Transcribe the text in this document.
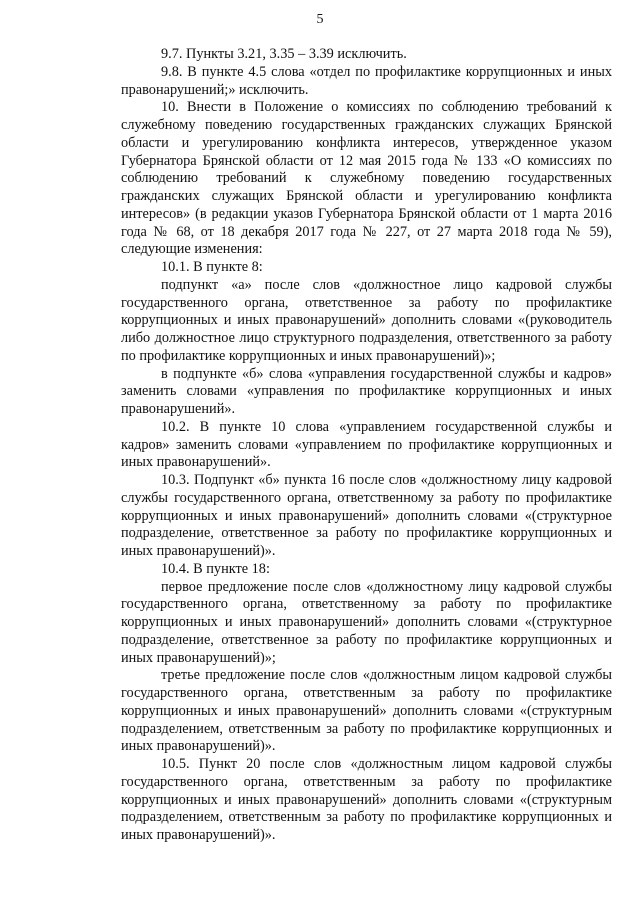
5

9.7. Пункты 3.21, 3.35 – 3.39 исключить.

9.8. В пункте 4.5 слова «отдел по профилактике коррупционных и иных правонарушений;» исключить.

10. Внести в Положение о комиссиях по соблюдению требований к служебному поведению государственных гражданских служащих Брянской области и урегулированию конфликта интересов, утвержденное указом Губернатора Брянской области от 12 мая 2015 года № 133 «О комиссиях по соблюдению требований к служебному поведению государственных гражданских служащих Брянской области и урегулированию конфликта интересов» (в редакции указов Губернатора Брянской области от 1 марта 2016 года № 68, от 18 декабря 2017 года № 227, от 27 марта 2018 года № 59), следующие изменения:

10.1. В пункте 8:

подпункт «а» после слов «должностное лицо кадровой службы государственного органа, ответственное за работу по профилактике коррупционных и иных правонарушений» дополнить словами «(руководитель либо должностное лицо структурного подразделения, ответственного за работу по профилактике коррупционных и иных правонарушений)»;

в подпункте «б» слова «управления государственной службы и кадров» заменить словами «управления по профилактике коррупционных и иных правонарушений».

10.2. В пункте 10 слова «управлением государственной службы и кадров» заменить словами «управлением по профилактике коррупционных и иных правонарушений».

10.3. Подпункт «б» пункта 16 после слов «должностному лицу кадровой службы государственного органа, ответственному за работу по профилактике коррупционных и иных правонарушений» дополнить словами «(структурное подразделение, ответственное за работу по профилактике коррупционных и иных правонарушений)».

10.4. В пункте 18:

первое предложение после слов «должностному лицу кадровой службы государственного органа, ответственному за работу по профилактике коррупционных и иных правонарушений» дополнить словами «(структурное подразделение, ответственное за работу по профилактике коррупционных и иных правонарушений)»;

третье предложение после слов «должностным лицом кадровой службы государственного органа, ответственным за работу по профилактике коррупционных и иных правонарушений» дополнить словами «(структурным подразделением, ответственным за работу по профилактике коррупционных и иных правонарушений)».

10.5. Пункт 20 после слов «должностным лицом кадровой службы государственного органа, ответственным за работу по профилактике коррупционных и иных правонарушений» дополнить словами «(структурным подразделением, ответственным за работу по профилактике коррупционных и иных правонарушений)».
